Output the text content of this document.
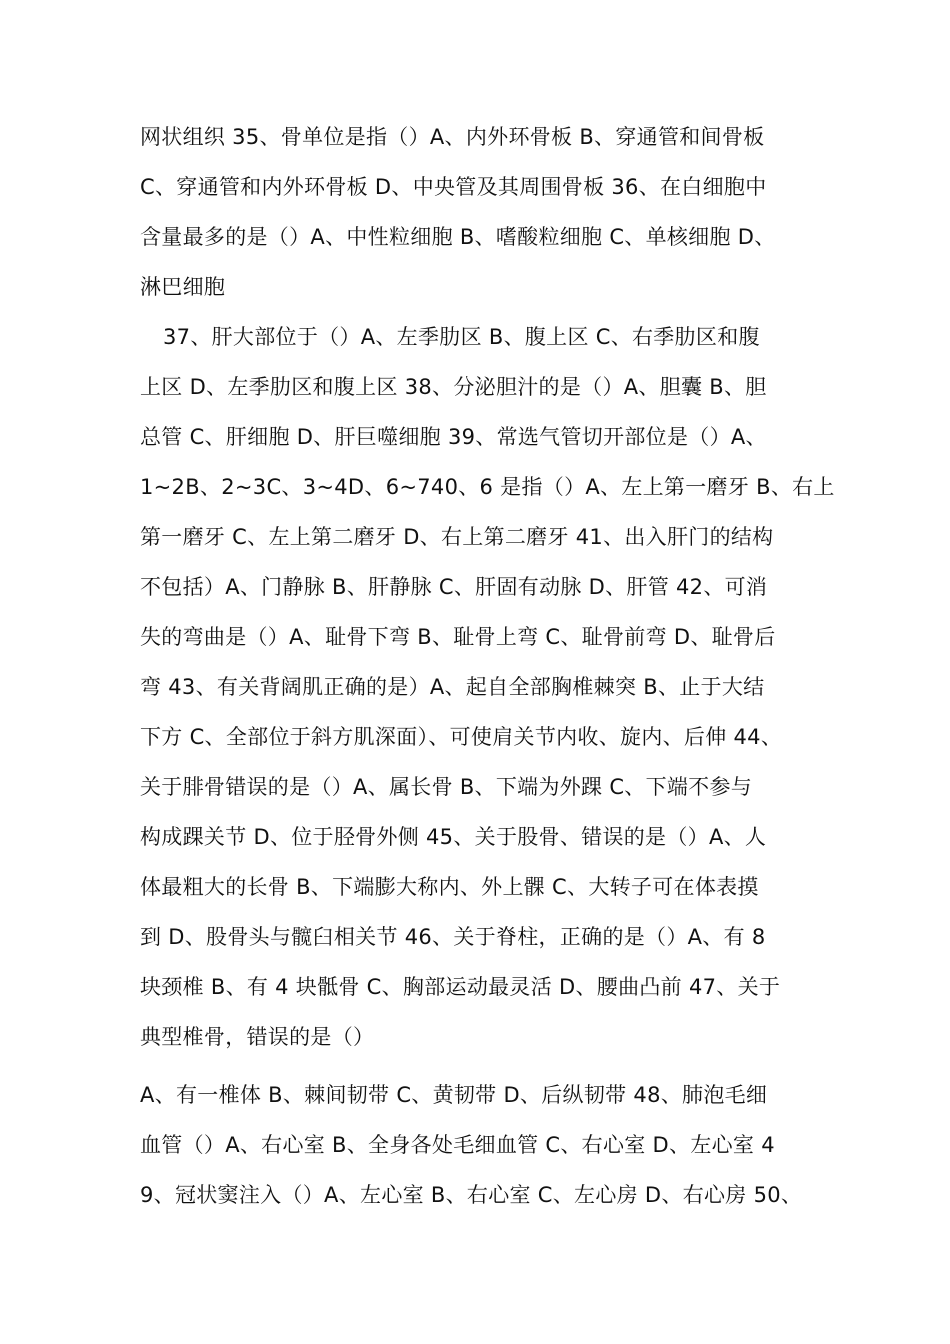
网状组织 35、骨单位是指（）A、内外环骨板 B、穿通管和间骨板
C、穿通管和内外环骨板 D、中央管及其周围骨板 36、在白细胞中
含量最多的是（）A、中性粒细胞 B、嗜酸粒细胞 C、单核细胞 D、
淋巴细胞
37、肝大部位于（）A、左季肋区 B、腹上区 C、右季肋区和腹
上区 D、左季肋区和腹上区 38、分泌胆汁的是（）A、胆囊 B、胆
总管 C、肝细胞 D、肝巨噬细胞 39、常选气管切开部位是（）A、
1~2B、2~3C、3~4D、6~740、6 是指（）A、左上第一磨牙 B、右上
第一磨牙 C、左上第二磨牙 D、右上第二磨牙 41、出入肝门的结构
不包括）A、门静脉 B、肝静脉 C、肝固有动脉 D、肝管 42、可消
失的弯曲是（）A、耻骨下弯 B、耻骨上弯 C、耻骨前弯 D、耻骨后
弯 43、有关背阔肌正确的是）A、起自全部胸椎棘突 B、止于大结
下方 C、全部位于斜方肌深面）、可使肩关节内收、旋内、后伸 44、
关于腓骨错误的是（）A、属长骨 B、下端为外踝 C、下端不参与
构成踝关节 D、位于胫骨外侧 45、关于股骨、错误的是（）A、人
体最粗大的长骨 B、下端膨大称内、外上髁 C、大转子可在体表摸
到 D、股骨头与髋臼相关节 46、关于脊柱，正确的是（）A、有 8
块颈椎 B、有 4 块骶骨 C、胸部运动最灵活 D、腰曲凸前 47、关于
典型椎骨，错误的是（）
A、有一椎体 B、棘间韧带 C、黄韧带 D、后纵韧带 48、肺泡毛细
血管（）A、右心室 B、全身各处毛细血管 C、右心室 D、左心室 4
9、冠状窦注入（）A、左心室 B、右心室 C、左心房 D、右心房 50、
